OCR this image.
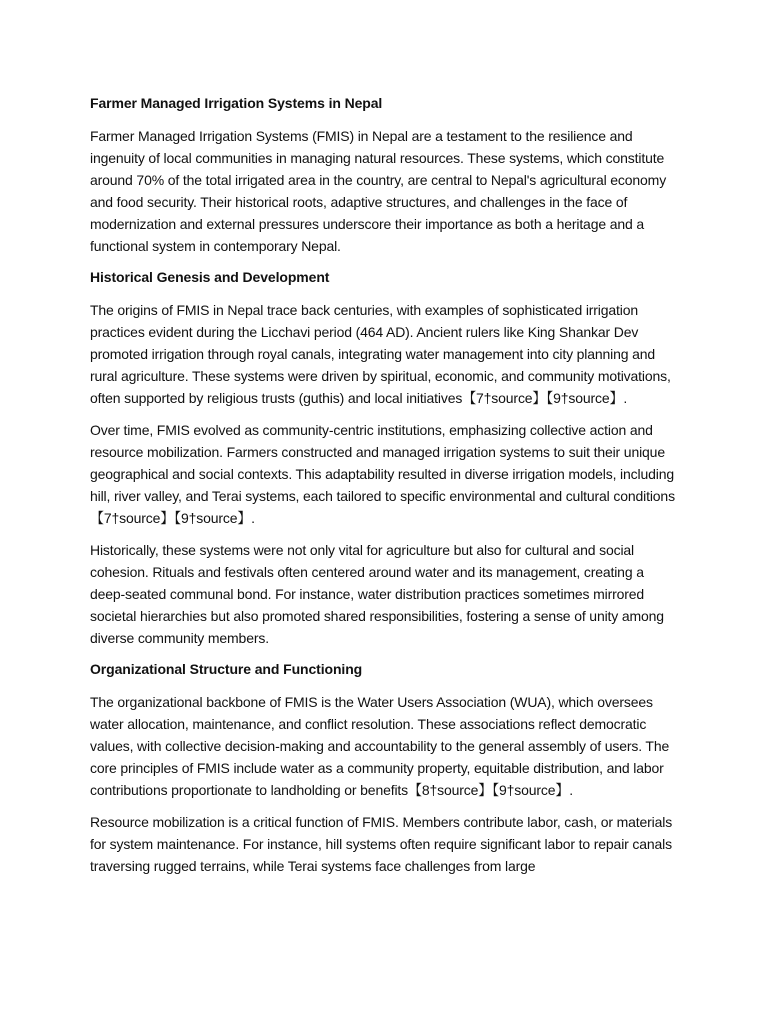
Farmer Managed Irrigation Systems in Nepal

Farmer Managed Irrigation Systems (FMIS) in Nepal are a testament to the resilience and ingenuity of local communities in managing natural resources. These systems, which constitute around 70% of the total irrigated area in the country, are central to Nepal's agricultural economy and food security. Their historical roots, adaptive structures, and challenges in the face of modernization and external pressures underscore their importance as both a heritage and a functional system in contemporary Nepal.

Historical Genesis and Development

The origins of FMIS in Nepal trace back centuries, with examples of sophisticated irrigation practices evident during the Licchavi period (464 AD). Ancient rulers like King Shankar Dev promoted irrigation through royal canals, integrating water management into city planning and rural agriculture. These systems were driven by spiritual, economic, and community motivations, often supported by religious trusts (guthis) and local initiatives【7†source】【9†source】.

Over time, FMIS evolved as community-centric institutions, emphasizing collective action and resource mobilization. Farmers constructed and managed irrigation systems to suit their unique geographical and social contexts. This adaptability resulted in diverse irrigation models, including hill, river valley, and Terai systems, each tailored to specific environmental and cultural conditions【7†source】【9†source】.

Historically, these systems were not only vital for agriculture but also for cultural and social cohesion. Rituals and festivals often centered around water and its management, creating a deep-seated communal bond. For instance, water distribution practices sometimes mirrored societal hierarchies but also promoted shared responsibilities, fostering a sense of unity among diverse community members.

Organizational Structure and Functioning

The organizational backbone of FMIS is the Water Users Association (WUA), which oversees water allocation, maintenance, and conflict resolution. These associations reflect democratic values, with collective decision-making and accountability to the general assembly of users. The core principles of FMIS include water as a community property, equitable distribution, and labor contributions proportionate to landholding or benefits【8†source】【9†source】.

Resource mobilization is a critical function of FMIS. Members contribute labor, cash, or materials for system maintenance. For instance, hill systems often require significant labor to repair canals traversing rugged terrains, while Terai systems face challenges from large
